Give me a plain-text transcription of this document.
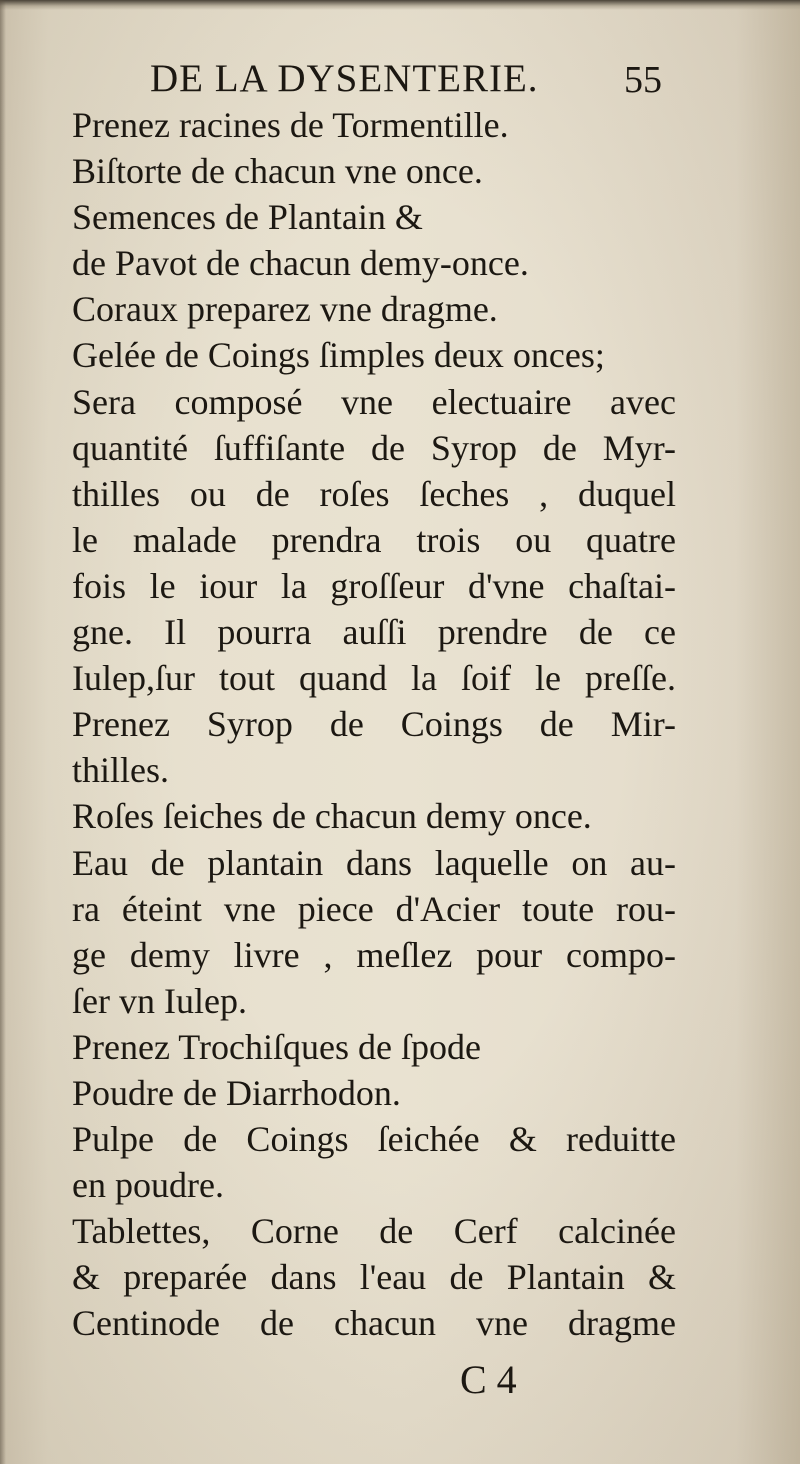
DE LA DYSENTERIE. 55
Prenez racines de Tormentille.
Biſtorte de chacun vne once.
Semences de Plantain &
de Pavot de chacun demy-once.
Coraux preparez vne dragme.
Gelée de Coings ſimples deux onces;
Sera composé vne electuaire avec
quantité ſuffiſante de Syrop de Myr-
thilles ou de roſes ſeches , duquel
le malade prendra trois ou quatre
fois le iour la groſſeur d'vne chaſtai-
gne. Il pourra auſſi prendre de ce
Iulep,ſur tout quand la ſoif le preſſe.
Prenez Syrop de Coings de Mir-
thilles.
Roſes ſeiches de chacun demy once.
Eau de plantain dans laquelle on au-
ra éteint vne piece d'Acier toute rou-
ge demy livre , meſlez pour compo-
ſer vn Iulep.
Prenez Trochiſques de ſpode
Poudre de Diarrhodon.
Pulpe de Coings ſeichée & reduitte
en poudre.
Tablettes, Corne de Cerf calcinée
& preparée dans l'eau de Plantain &
Centinode de chacun vne dragme
C 4
